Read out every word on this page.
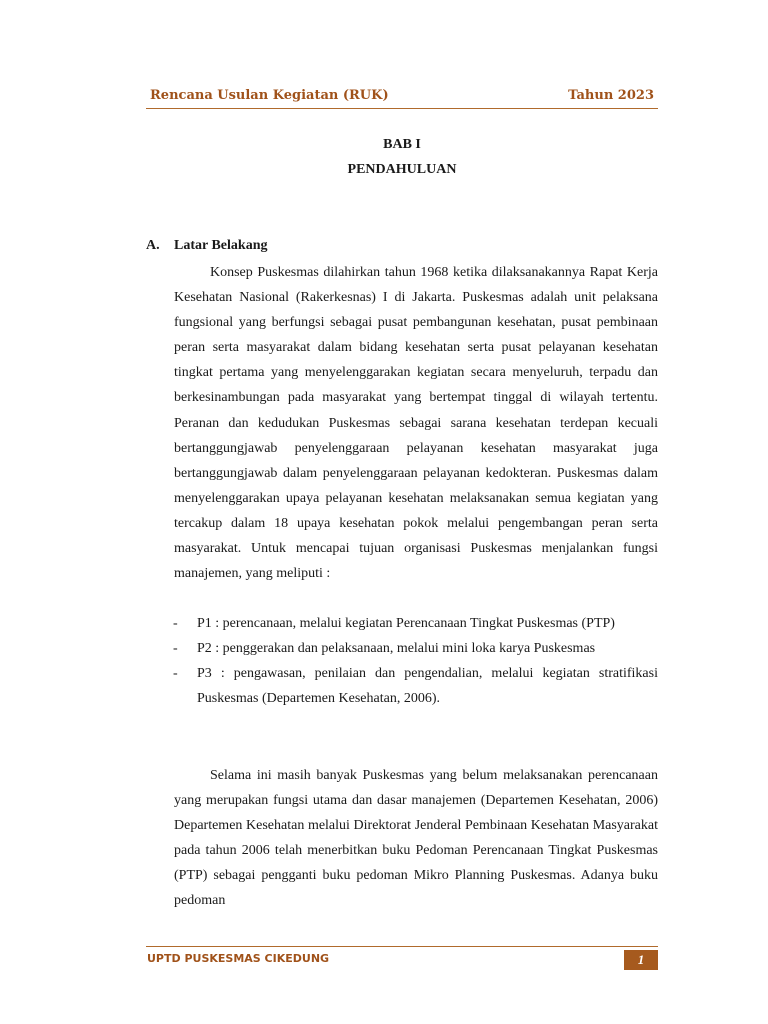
Rencana Usulan Kegiatan (RUK)	Tahun 2023
BAB I
PENDAHULUAN
A. Latar Belakang
Konsep Puskesmas dilahirkan tahun 1968 ketika dilaksanakannya Rapat Kerja Kesehatan Nasional (Rakerkesnas) I di Jakarta. Puskesmas adalah unit pelaksana fungsional yang berfungsi sebagai pusat pembangunan kesehatan, pusat pembinaan peran serta masyarakat dalam bidang kesehatan serta pusat pelayanan kesehatan tingkat pertama yang menyelenggarakan kegiatan secara menyeluruh, terpadu dan berkesinambungan pada masyarakat yang bertempat tinggal di wilayah tertentu. Peranan dan kedudukan Puskesmas sebagai sarana kesehatan terdepan kecuali bertanggungjawab penyelenggaraan pelayanan kesehatan masyarakat juga bertanggungjawab dalam penyelenggaraan pelayanan kedokteran. Puskesmas dalam menyelenggarakan upaya pelayanan kesehatan melaksanakan semua kegiatan yang tercakup dalam 18 upaya kesehatan pokok melalui pengembangan peran serta masyarakat. Untuk mencapai tujuan organisasi Puskesmas menjalankan fungsi manajemen, yang meliputi :
- P1 : perencanaan, melalui kegiatan Perencanaan Tingkat Puskesmas (PTP)
- P2 : penggerakan dan pelaksanaan, melalui mini loka karya Puskesmas
- P3 : pengawasan, penilaian dan pengendalian, melalui kegiatan stratifikasi Puskesmas (Departemen Kesehatan, 2006).
Selama ini masih banyak Puskesmas yang belum melaksanakan perencanaan yang merupakan fungsi utama dan dasar manajemen (Departemen Kesehatan, 2006) Departemen Kesehatan melalui Direktorat Jenderal Pembinaan Kesehatan Masyarakat pada tahun 2006 telah menerbitkan buku Pedoman Perencanaan Tingkat Puskesmas (PTP) sebagai pengganti buku pedoman Mikro Planning Puskesmas. Adanya buku pedoman
UPTD PUSKESMAS CIKEDUNG	1
